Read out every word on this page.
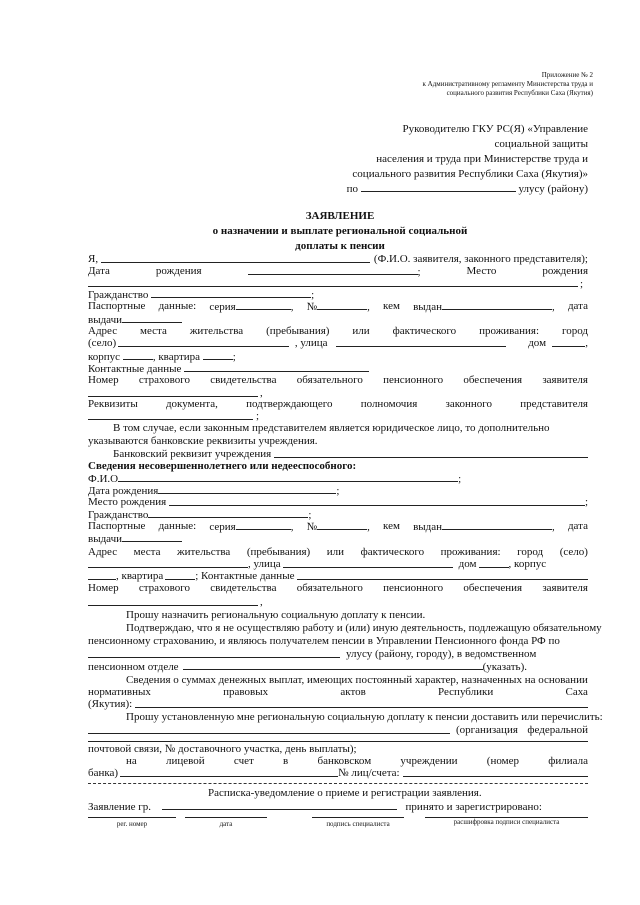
Приложение № 2
к Административному регламенту Министерства труда и
социального развития Республики Саха (Якутия)
Руководителю ГКУ РС(Я) «Управление
социальной защиты
населения и труда при Министерстве труда и
социального развития Республики Саха (Якутия)»
по	улусу (району)
ЗАЯВЛЕНИЕ
о назначении и выплате региональной социальной
доплаты к пенсии
Я,	(Ф.И.О. заявителя, законного представителя);
Дата	рождения	;	Место	рождения
;
Гражданство	;
Паспортные данные: серия	, №	, кем выдан	, дата
выдачи
Адрес места жительства (пребывания) или фактического проживания: город
(село)	, улица	дом	,
корпус	, квартира	;
Контактные данные
Номер страхового свидетельства обязательного пенсионного обеспечения заявителя
,
Реквизиты	документа,	подтверждающего	полномочия	законного	представителя
;
В том случае, если законным представителем является юридическое лицо, то дополнительно
указываются банковские реквизиты учреждения.
Банковский реквизит учреждения
Сведения несовершеннолетнего или недееспособного:
Ф.И.О	;
Дата рождения	;
Место рождения	;
Гражданство	;
Паспортные данные: серия	, №	, кем выдан	, дата
выдачи
Адрес места жительства (пребывания) или фактического проживания: город (село)
, улица	дом	, корпус
, квартира	; Контактные данные
Номер страхового свидетельства обязательного пенсионного обеспечения заявителя
,
Прошу назначить региональную социальную доплату к пенсии.
Подтверждаю, что я не осуществляю работу и (или) иную деятельность, подлежащую обязательному
пенсионному страхованию, и являюсь получателем пенсии в Управлении Пенсионного фонда РФ по
улусу (району, городу), в ведомственном
пенсионном отделе	(указать).
Сведения о суммах денежных выплат, имеющих постоянный характер, назначенных на основании
нормативных	правовых	актов	Республики	Саха
(Якутия):
Прошу установленную мне региональную социальную доплату к пенсии доставить или перечислить:
(организация федеральной
почтовой связи, № доставочного участка, день выплаты);
на	лицевой	счет	в	банковском	учреждении	(номер	филиала
банка)	№ лиц/счета:
Расписка-уведомление о приеме и регистрации заявления.
Заявление гр.	принято и зарегистрировано:
рег. номер	дата	подпись специалиста	расшифровка подписи специалиста
